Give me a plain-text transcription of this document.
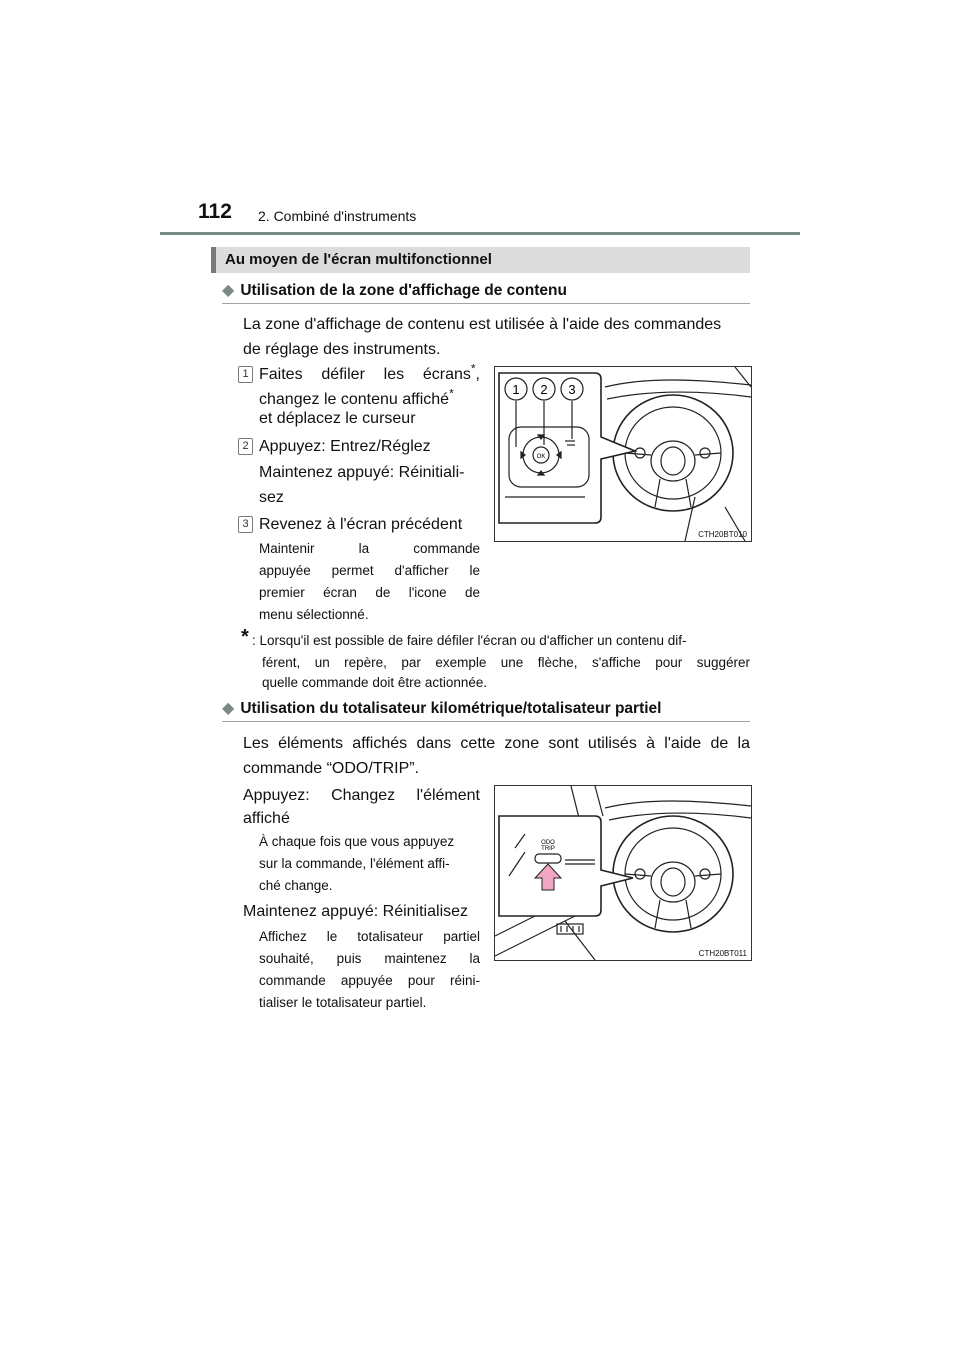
112 2. Combiné d'instruments
Au moyen de l'écran multifonctionnel
◆ Utilisation de la zone d'affichage de contenu
La zone d'affichage de contenu est utilisée à l'aide des commandes
de réglage des instruments.
1 Faites défiler les écrans*,
changez le contenu affiché*
et déplacez le curseur
2 Appuyez: Entrez/Réglez
Maintenez appuyé: Réinitiali-
sez
3 Revenez à l'écran précédent
Maintenir la commande
appuyée permet d'afficher le
premier écran de l'icone de
menu sélectionné.
1 2 3
OK
CTH20BT010
* : Lorsqu'il est possible de faire défiler l'écran ou d'afficher un contenu dif-
férent, un repère, par exemple une flèche, s'affiche pour suggérer
quelle commande doit être actionnée.
◆ Utilisation du totalisateur kilométrique/totalisateur partiel
Les éléments affichés dans cette zone sont utilisés à l'aide de la
commande “ODO/TRIP”.
Appuyez: Changez l'élément
affiché
À chaque fois que vous appuyez
sur la commande, l'élément affi-
ché change.
Maintenez appuyé: Réinitialisez
Affichez le totalisateur partiel
souhaité, puis maintenez la
commande appuyée pour réini-
tialiser le totalisateur partiel.
ODO
TRIP
CTH20BT011
